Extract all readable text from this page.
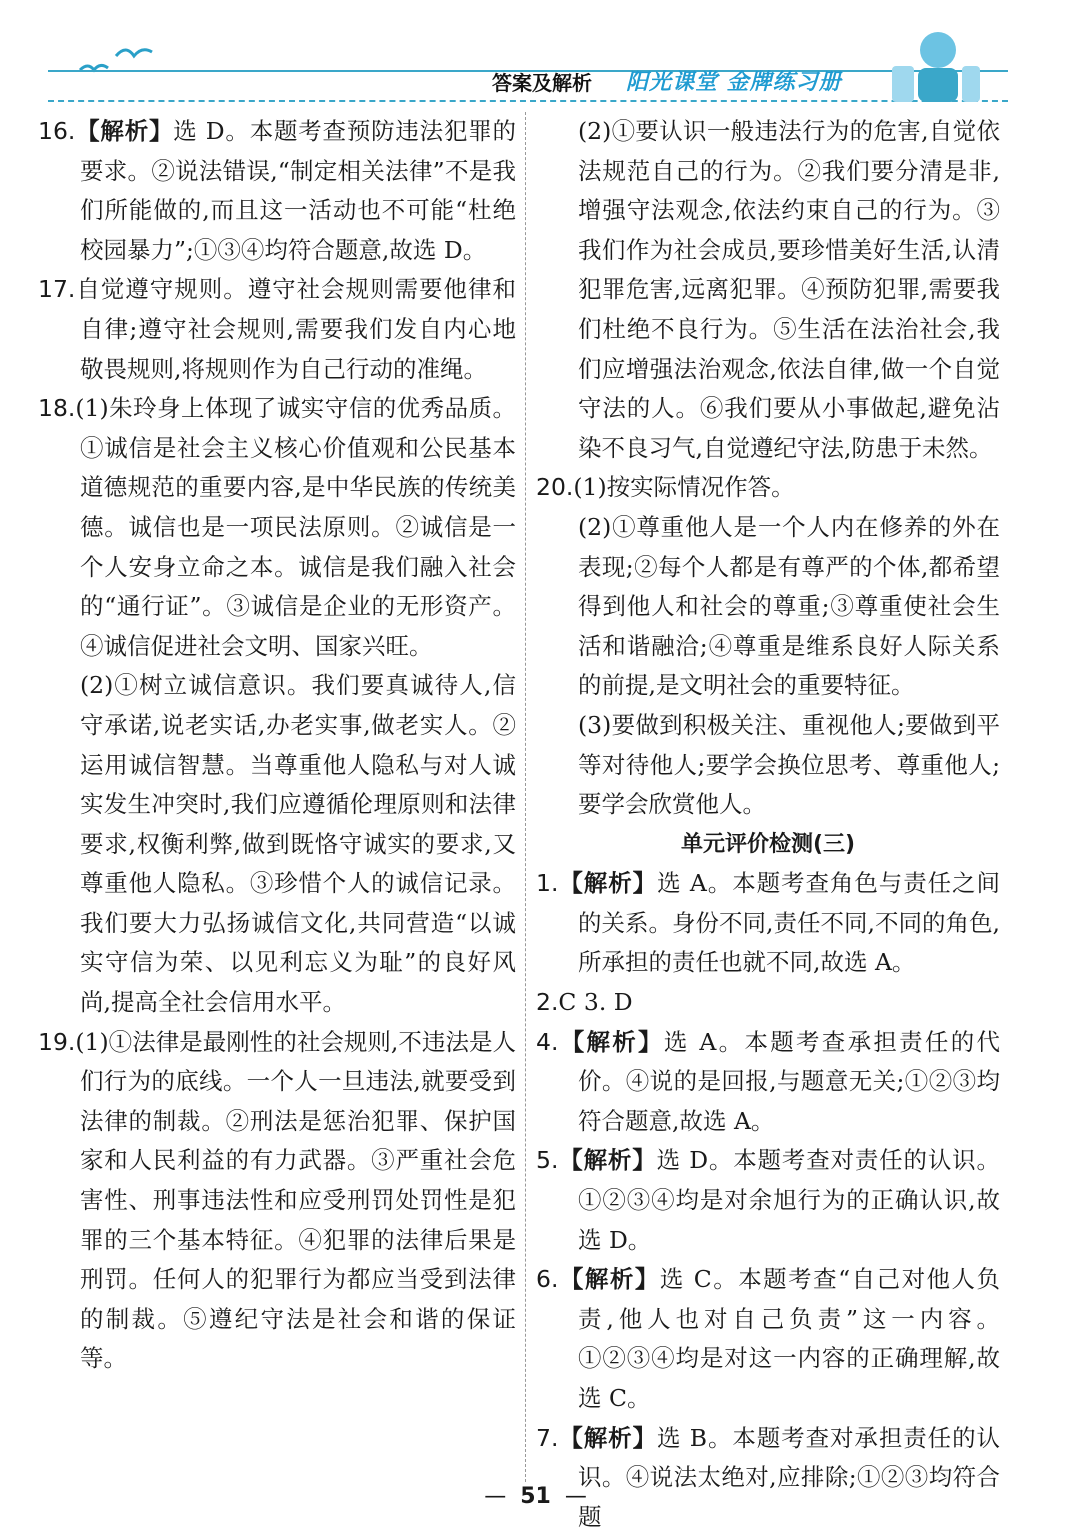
答案及解析 阳光课堂 金牌练习册

16.【解析】选 D。本题考查预防违法犯罪的要求。②说法错误,“制定相关法律”不是我们所能做的,而且这一活动也不可能“杜绝校园暴力”;①③④均符合题意,故选 D。

17.自觉遵守规则。遵守社会规则需要他律和自律;遵守社会规则,需要我们发自内心地敬畏规则,将规则作为自己行动的准绳。

18.(1)朱玲身上体现了诚实守信的优秀品质。①诚信是社会主义核心价值观和公民基本道德规范的重要内容,是中华民族的传统美德。诚信也是一项民法原则。②诚信是一个人安身立命之本。诚信是我们融入社会的“通行证”。③诚信是企业的无形资产。④诚信促进社会文明、国家兴旺。

(2)①树立诚信意识。我们要真诚待人,信守承诺,说老实话,办老实事,做老实人。②运用诚信智慧。当尊重他人隐私与对人诚实发生冲突时,我们应遵循伦理原则和法律要求,权衡利弊,做到既恪守诚实的要求,又尊重他人隐私。③珍惜个人的诚信记录。我们要大力弘扬诚信文化,共同营造“以诚实守信为荣、以见利忘义为耻”的良好风尚,提高全社会信用水平。

19.(1)①法律是最刚性的社会规则,不违法是人们行为的底线。一个人一旦违法,就要受到法律的制裁。②刑法是惩治犯罪、保护国家和人民利益的有力武器。③严重社会危害性、刑事违法性和应受刑罚处罚性是犯罪的三个基本特征。④犯罪的法律后果是刑罚。任何人的犯罪行为都应当受到法律的制裁。⑤遵纪守法是社会和谐的保证等。

(2)①要认识一般违法行为的危害,自觉依法规范自己的行为。②我们要分清是非,增强守法观念,依法约束自己的行为。③我们作为社会成员,要珍惜美好生活,认清犯罪危害,远离犯罪。④预防犯罪,需要我们杜绝不良行为。⑤生活在法治社会,我们应增强法治观念,依法自律,做一个自觉守法的人。⑥我们要从小事做起,避免沾染不良习气,自觉遵纪守法,防患于未然。

20.(1)按实际情况作答。

(2)①尊重他人是一个人内在修养的外在表现;②每个人都是有尊严的个体,都希望得到他人和社会的尊重;③尊重使社会生活和谐融洽;④尊重是维系良好人际关系的前提,是文明社会的重要特征。

(3)要做到积极关注、重视他人;要做到平等对待他人;要学会换位思考、尊重他人;要学会欣赏他人。

单元评价检测(三)

1.【解析】选 A。本题考查角色与责任之间的关系。身份不同,责任不同,不同的角色,所承担的责任也就不同,故选 A。

2.C 3. D

4.【解析】选 A。本题考查承担责任的代价。④说的是回报,与题意无关;①②③均符合题意,故选 A。

5.【解析】选 D。本题考查对责任的认识。①②③④均是对余旭行为的正确认识,故选 D。

6.【解析】选 C。本题考查“自己对他人负责,他人也对自己负责”这一内容。①②③④均是对这一内容的正确理解,故选 C。

7.【解析】选 B。本题考查对承担责任的认识。④说法太绝对,应排除;①②③均符合题

— 51 —
